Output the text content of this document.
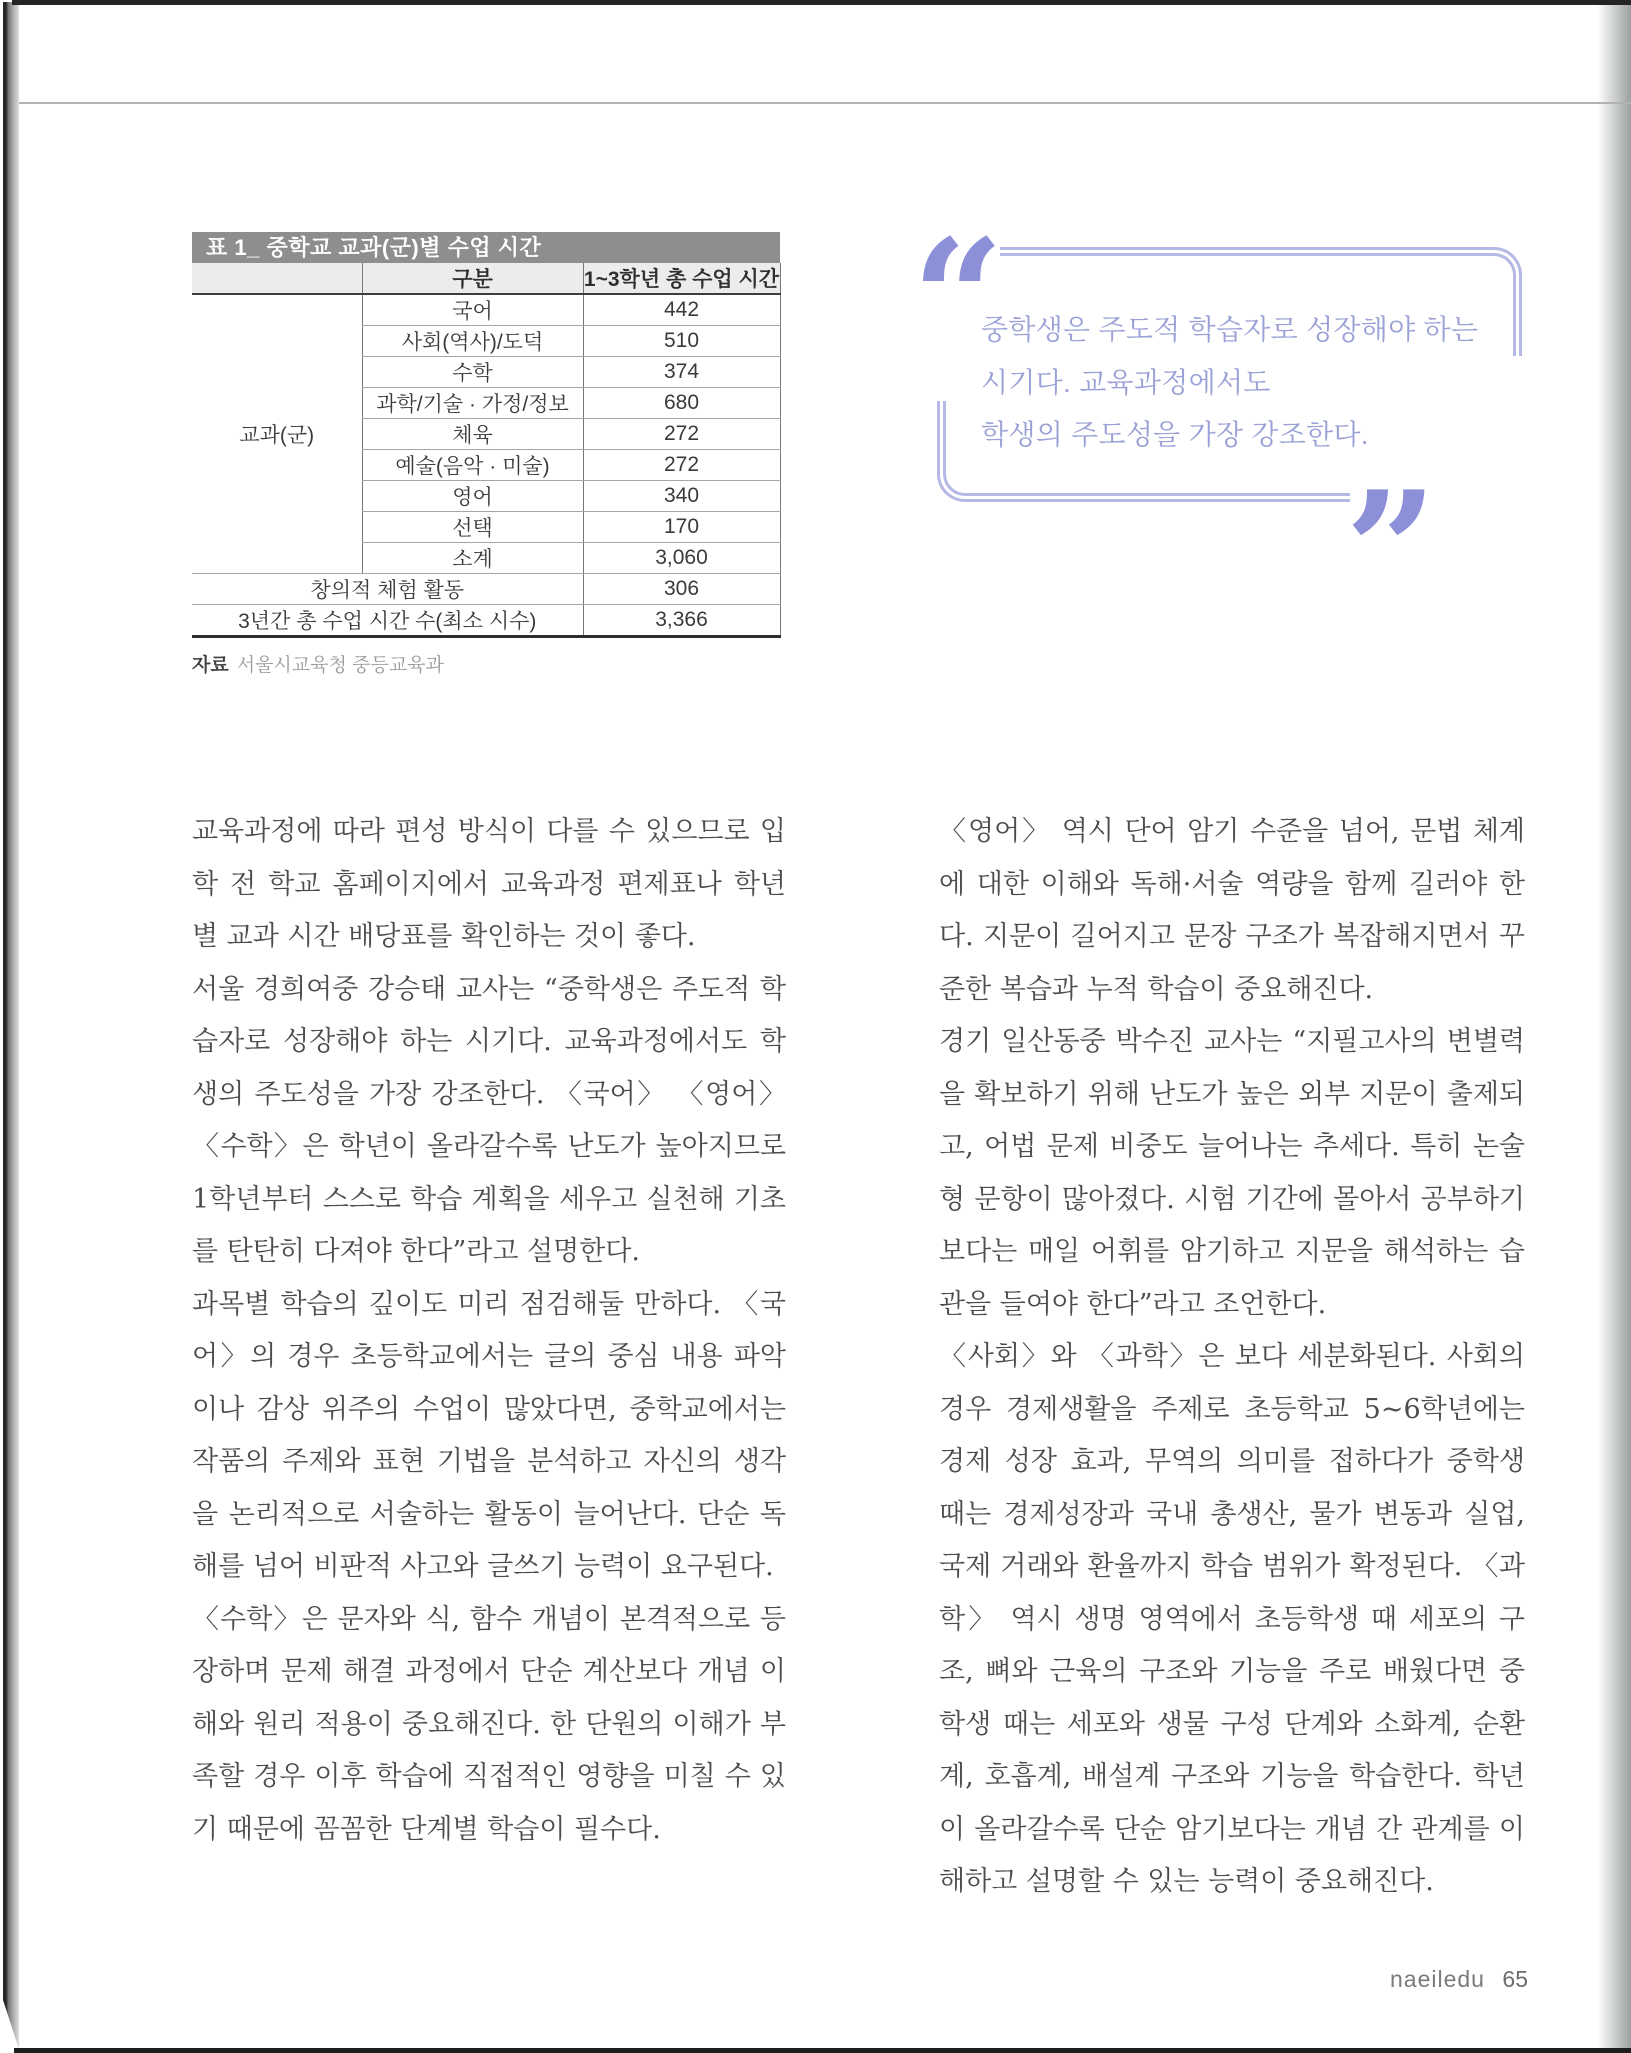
표 1_ 중학교 교과(군)별 수업 시간
	구분	1~3학년 총 수업 시간
교과(군)	국어	442
	사회(역사)/도덕	510
	수학	374
	과학/기술 · 가정/정보	680
	체육	272
	예술(음악 · 미술)	272
	영어	340
	선택	170
	소계	3,060
창의적 체험 활동		306
3년간 총 수업 시간 수(최소 시수)		3,366
자료 서울시교육청 중등교육과
“
”
중학생은 주도적 학습자로 성장해야 하는
시기다. 교육과정에서도
학생의 주도성을 가장 강조한다.

교육과정에 따라 편성 방식이 다를 수 있으므로 입학 전 학교 홈페이지에서 교육과정 편제표나 학년별 교과 시간 배당표를 확인하는 것이 좋다.

서울 경희여중 강승태 교사는 “중학생은 주도적 학습자로 성장해야 하는 시기다. 교육과정에서도 학생의 주도성을 가장 강조한다. 〈국어〉 〈영어〉 〈수학〉은 학년이 올라갈수록 난도가 높아지므로 1학년부터 스스로 학습 계획을 세우고 실천해 기초를 탄탄히 다져야 한다”라고 설명한다.

과목별 학습의 깊이도 미리 점검해둘 만하다. 〈국어〉의 경우 초등학교에서는 글의 중심 내용 파악이나 감상 위주의 수업이 많았다면, 중학교에서는 작품의 주제와 표현 기법을 분석하고 자신의 생각을 논리적으로 서술하는 활동이 늘어난다. 단순 독해를 넘어 비판적 사고와 글쓰기 능력이 요구된다.

〈수학〉은 문자와 식, 함수 개념이 본격적으로 등장하며 문제 해결 과정에서 단순 계산보다 개념 이해와 원리 적용이 중요해진다. 한 단원의 이해가 부족할 경우 이후 학습에 직접적인 영향을 미칠 수 있기 때문에 꼼꼼한 단계별 학습이 필수다.

〈영어〉 역시 단어 암기 수준을 넘어, 문법 체계에 대한 이해와 독해·서술 역량을 함께 길러야 한다. 지문이 길어지고 문장 구조가 복잡해지면서 꾸준한 복습과 누적 학습이 중요해진다.

경기 일산동중 박수진 교사는 “지필고사의 변별력을 확보하기 위해 난도가 높은 외부 지문이 출제되고, 어법 문제 비중도 늘어나는 추세다. 특히 논술형 문항이 많아졌다. 시험 기간에 몰아서 공부하기보다는 매일 어휘를 암기하고 지문을 해석하는 습관을 들여야 한다”라고 조언한다.

〈사회〉와 〈과학〉은 보다 세분화된다. 사회의 경우 경제생활을 주제로 초등학교 5~6학년에는 경제 성장 효과, 무역의 의미를 접하다가 중학생 때는 경제성장과 국내 총생산, 물가 변동과 실업, 국제 거래와 환율까지 학습 범위가 확정된다. 〈과학〉 역시 생명 영역에서 초등학생 때 세포의 구조, 뼈와 근육의 구조와 기능을 주로 배웠다면 중학생 때는 세포와 생물 구성 단계와 소화계, 순환계, 호흡계, 배설계 구조와 기능을 학습한다. 학년이 올라갈수록 단순 암기보다는 개념 간 관계를 이해하고 설명할 수 있는 능력이 중요해진다.

naeiledu 65
